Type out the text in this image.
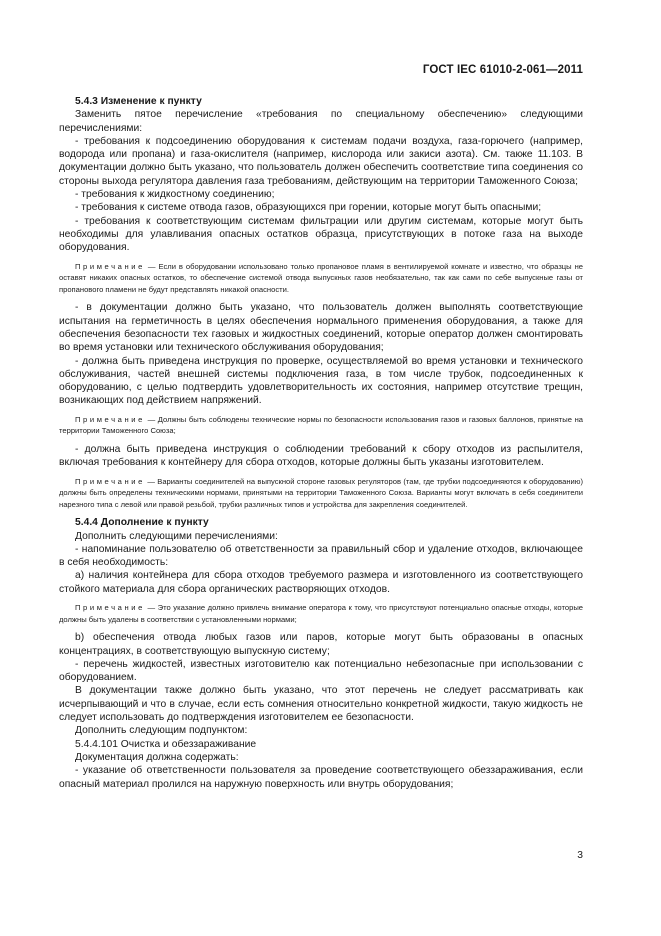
ГОСТ IEC 61010-2-061—2011

5.4.3 Изменение к пункту

Заменить пятое перечисление «требования по специальному обеспечению» следующими перечислениями:

- требования к подсоединению оборудования к системам подачи воздуха, газа-горючего (например, водорода или пропана) и газа-окислителя (например, кислорода или закиси азота). См. также 11.103. В документации должно быть указано, что пользователь должен обеспечить соответствие типа соединения со стороны выхода регулятора давления газа требованиям, действующим на территории Таможенного Союза;

- требования к жидкостному соединению;

- требования к системе отвода газов, образующихся при горении, которые могут быть опасными;

- требования к соответствующим системам фильтрации или другим системам, которые могут быть необходимы для улавливания опасных остатков образца, присутствующих в потоке газа на выходе оборудования.

Примечание — Если в оборудовании использовано только пропановое пламя в вентилируемой комнате и известно, что образцы не оставят никаких опасных остатков, то обеспечение системой отвода выпускных газов необязательно, так как сами по себе выпускные газы от пропанового пламени не будут представлять никакой опасности.

- в документации должно быть указано, что пользователь должен выполнять соответствующие испытания на герметичность в целях обеспечения нормального применения оборудования, а также для обеспечения безопасности тех газовых и жидкостных соединений, которые оператор должен смонтировать во время установки или технического обслуживания оборудования;

- должна быть приведена инструкция по проверке, осуществляемой во время установки и технического обслуживания, частей внешней системы подключения газа, в том числе трубок, подсоединенных к оборудованию, с целью подтвердить удовлетворительность их состояния, например отсутствие трещин, возникающих под действием напряжений.

Примечание — Должны быть соблюдены технические нормы по безопасности использования газов и газовых баллонов, принятые на территории Таможенного Союза;

- должна быть приведена инструкция о соблюдении требований к сбору отходов из распылителя, включая требования к контейнеру для сбора отходов, которые должны быть указаны изготовителем.

Примечание — Варианты соединителей на выпускной стороне газовых регуляторов (там, где трубки подсоединяются к оборудованию) должны быть определены техническими нормами, принятыми на территории Таможенного Союза. Варианты могут включать в себя соединители нарезного типа с левой или правой резьбой, трубки различных типов и устройства для закрепления соединителей.

5.4.4 Дополнение к пункту

Дополнить следующими перечислениями:

- напоминание пользователю об ответственности за правильный сбор и удаление отходов, включающее в себя необходимость:

а) наличия контейнера для сбора отходов требуемого размера и изготовленного из соответствующего стойкого материала для сбора органических растворяющих отходов.

Примечание — Это указание должно привлечь внимание оператора к тому, что присутствуют потенциально опасные отходы, которые должны быть удалены в соответствии с установленными нормами;

b) обеспечения отвода любых газов или паров, которые могут быть образованы в опасных концентрациях, в соответствующую выпускную систему;

- перечень жидкостей, известных изготовителю как потенциально небезопасные при использовании с оборудованием.

В документации также должно быть указано, что этот перечень не следует рассматривать как исчерпывающий и что в случае, если есть сомнения относительно конкретной жидкости, такую жидкость не следует использовать до подтверждения изготовителем ее безопасности.

Дополнить следующим подпунктом:

5.4.4.101 Очистка и обеззараживание

Документация должна содержать:

- указание об ответственности пользователя за проведение соответствующего обеззараживания, если опасный материал пролился на наружную поверхность или внутрь оборудования;

3
